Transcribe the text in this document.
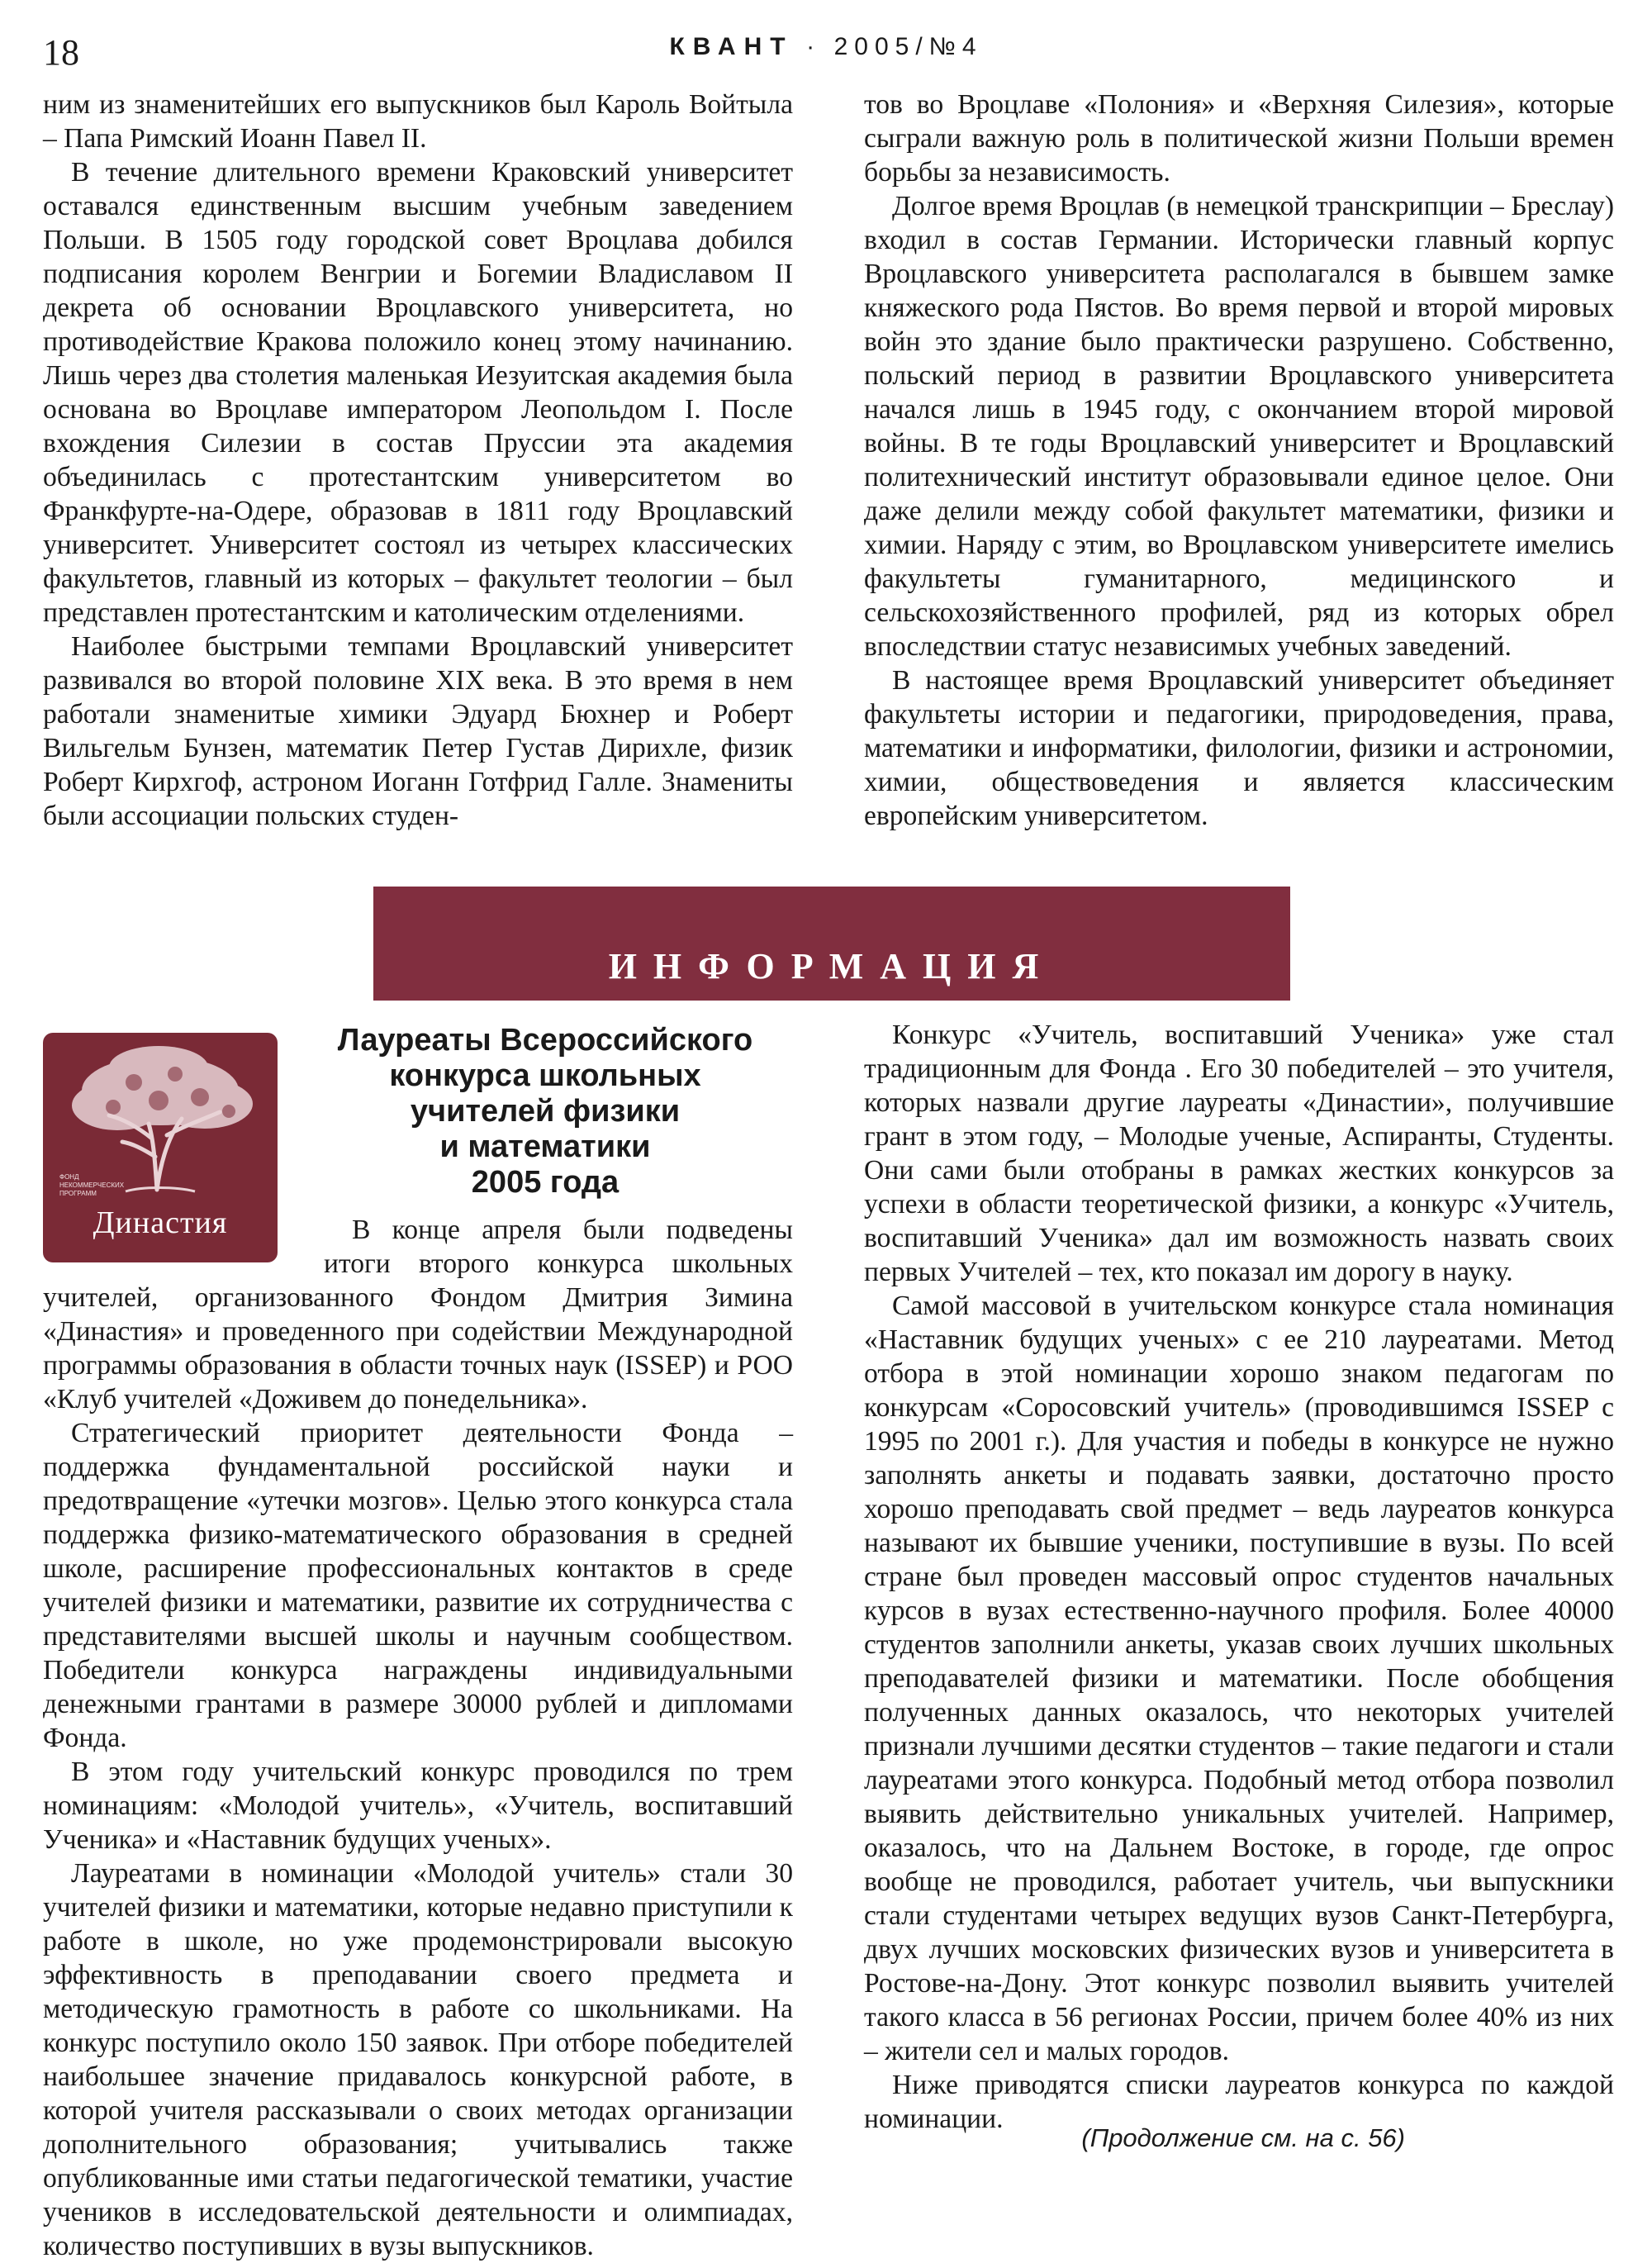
18	КВАНТ · 2005/№4

ним из знаменитейших его выпускников был Кароль Войтыла – Папа Римский Иоанн Павел II.

В течение длительного времени Краковский университет оставался единственным высшим учебным заведением Польши. В 1505 году городской совет Вроцлава добился подписания королем Венгрии и Богемии Владиславом II декрета об основании Вроцлавского университета, но противодействие Кракова положило конец этому начинанию. Лишь через два столетия маленькая Иезуитская академия была основана во Вроцлаве императором Леопольдом I. После вхождения Силезии в состав Пруссии эта академия объединилась с протестантским университетом во Франкфурте-на-Одере, образовав в 1811 году Вроцлавский университет. Университет состоял из четырех классических факультетов, главный из которых – факультет теологии – был представлен протестантским и католическим отделениями.

Наиболее быстрыми темпами Вроцлавский университет развивался во второй половине XIX века. В это время в нем работали знаменитые химики Эдуард Бюхнер и Роберт Вильгельм Бунзен, математик Петер Густав Дирихле, физик Роберт Кирхгоф, астроном Иоганн Готфрид Галле. Знамениты были ассоциации польских студен-

тов во Вроцлаве «Полония» и «Верхняя Силезия», которые сыграли важную роль в политической жизни Польши времен борьбы за независимость.

Долгое время Вроцлав (в немецкой транскрипции – Бреслау) входил в состав Германии. Исторически главный корпус Вроцлавского университета располагался в бывшем замке княжеского рода Пястов. Во время первой и второй мировых войн это здание было практически разрушено. Собственно, польский период в развитии Вроцлавского университета начался лишь в 1945 году, с окончанием второй мировой войны. В те годы Вроцлавский университет и Вроцлавский политехнический институт образовывали единое целое. Они даже делили между собой факультет математики, физики и химии. Наряду с этим, во Вроцлавском университете имелись факультеты гуманитарного, медицинского и сельскохозяйственного профилей, ряд из которых обрел впоследствии статус независимых учебных заведений.

В настоящее время Вроцлавский университет объединяет факультеты истории и педагогики, природоведения, права, математики и информатики, филологии, физики и астрономии, химии, обществоведения и является классическим европейским университетом.

ИНФОРМАЦИЯ
ФОНД
НЕКОММЕРЧЕСКИХ
ПРОГРАММ
Династия
Лауреаты Всероссийского
конкурса школьных
учителей физики
и математики
2005 года

В конце апреля были подведены итоги второго конкурса школьных учителей, организованного Фондом Дмитрия Зимина «Династия» и проведенного при содействии Международной программы образования в области точных наук (ISSEP) и РОО «Клуб учителей «Доживем до понедельника».

Стратегический приоритет деятельности Фонда – поддержка фундаментальной российской науки и предотвращение «утечки мозгов». Целью этого конкурса стала поддержка физико-математического образования в средней школе, расширение профессиональных контактов в среде учителей физики и математики, развитие их сотрудничества с представителями высшей школы и научным сообществом. Победители конкурса награждены индивидуальными денежными грантами в размере 30000 рублей и дипломами Фонда.

В этом году учительский конкурс проводился по трем номинациям: «Молодой учитель», «Учитель, воспитавший Ученика» и «Наставник будущих ученых».

Лауреатами в номинации «Молодой учитель» стали 30 учителей физики и математики, которые недавно приступили к работе в школе, но уже продемонстрировали высокую эффективность в преподавании своего предмета и методическую грамотность в работе со школьниками. На конкурс поступило около 150 заявок. При отборе победителей наибольшее значение придавалось конкурсной работе, в которой учителя рассказывали о своих методах организации дополнительного образования; учитывались также опубликованные ими статьи педагогической тематики, участие учеников в исследовательской деятельности и олимпиадах, количество поступивших в вузы выпускников.

Конкурс «Учитель, воспитавший Ученика» уже стал традиционным для Фонда . Его 30 победителей – это учителя, которых назвали другие лауреаты «Династии», получившие грант в этом году, – Молодые ученые, Аспиранты, Студенты. Они сами были отобраны в рамках жестких конкурсов за успехи в области теоретической физики, а конкурс «Учитель, воспитавший Ученика» дал им возможность назвать своих первых Учителей – тех, кто показал им дорогу в науку.

Самой массовой в учительском конкурсе стала номинация «Наставник будущих ученых» с ее 210 лауреатами. Метод отбора в этой номинации хорошо знаком педагогам по конкурсам «Соросовский учитель» (проводившимся ISSEP с 1995 по 2001 г.). Для участия и победы в конкурсе не нужно заполнять анкеты и подавать заявки, достаточно просто хорошо преподавать свой предмет – ведь лауреатов конкурса называют их бывшие ученики, поступившие в вузы. По всей стране был проведен массовый опрос студентов начальных курсов в вузах естественно-научного профиля. Более 40000 студентов заполнили анкеты, указав своих лучших школьных преподавателей физики и математики. После обобщения полученных данных оказалось, что некоторых учителей признали лучшими десятки студентов – такие педагоги и стали лауреатами этого конкурса. Подобный метод отбора позволил выявить действительно уникальных учителей. Например, оказалось, что на Дальнем Востоке, в городе, где опрос вообще не проводился, работает учитель, чьи выпускники стали студентами четырех ведущих вузов Санкт-Петербурга, двух лучших московских физических вузов и университета в Ростове-на-Дону. Этот конкурс позволил выявить учителей такого класса в 56 регионах России, причем более 40% из них – жители сел и малых городов.

Ниже приводятся списки лауреатов конкурса по каждой номинации.

(Продолжение см. на с. 56)
